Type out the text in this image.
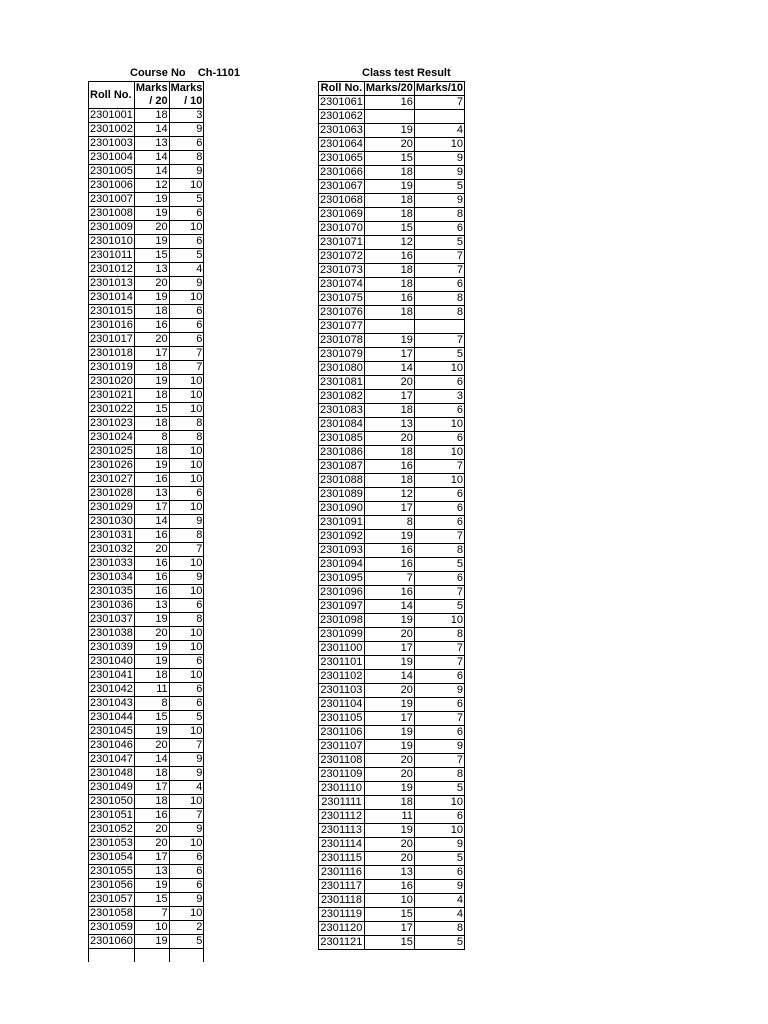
Course No    Ch-1101	Class test Result
Roll No.	Marks / 20	Marks / 10
2301001	18	3
2301002	14	9
2301003	13	6
2301004	14	8
2301005	14	9
2301006	12	10
2301007	19	5
2301008	19	6
2301009	20	10
2301010	19	6
2301011	15	5
2301012	13	4
2301013	20	9
2301014	19	10
2301015	18	6
2301016	16	6
2301017	20	6
2301018	17	7
2301019	18	7
2301020	19	10
2301021	18	10
2301022	15	10
2301023	18	8
2301024	8	8
2301025	18	10
2301026	19	10
2301027	16	10
2301028	13	6
2301029	17	10
2301030	14	9
2301031	16	8
2301032	20	7
2301033	16	10
2301034	16	9
2301035	16	10
2301036	13	6
2301037	19	8
2301038	20	10
2301039	19	10
2301040	19	6
2301041	18	10
2301042	11	6
2301043	8	6
2301044	15	5
2301045	19	10
2301046	20	7
2301047	14	9
2301048	18	9
2301049	17	4
2301050	18	10
2301051	16	7
2301052	20	9
2301053	20	10
2301054	17	6
2301055	13	6
2301056	19	6
2301057	15	9
2301058	7	10
2301059	10	2
2301060	19	5

Roll No.	Marks/20	Marks/10
2301061	16	7
2301062		
2301063	19	4
2301064	20	10
2301065	15	9
2301066	18	9
2301067	19	5
2301068	18	9
2301069	18	8
2301070	15	6
2301071	12	5
2301072	16	7
2301073	18	7
2301074	18	6
2301075	16	8
2301076	18	8
2301077		
2301078	19	7
2301079	17	5
2301080	14	10
2301081	20	6
2301082	17	3
2301083	18	6
2301084	13	10
2301085	20	6
2301086	18	10
2301087	16	7
2301088	18	10
2301089	12	6
2301090	17	6
2301091	8	6
2301092	19	7
2301093	16	8
2301094	16	5
2301095	7	6
2301096	16	7
2301097	14	5
2301098	19	10
2301099	20	8
2301100	17	7
2301101	19	7
2301102	14	6
2301103	20	9
2301104	19	6
2301105	17	7
2301106	19	6
2301107	19	9
2301108	20	7
2301109	20	8
2301110	19	5
2301111	18	10
2301112	11	6
2301113	19	10
2301114	20	9
2301115	20	5
2301116	13	6
2301117	16	9
2301118	10	4
2301119	15	4
2301120	17	8
2301121	15	5
